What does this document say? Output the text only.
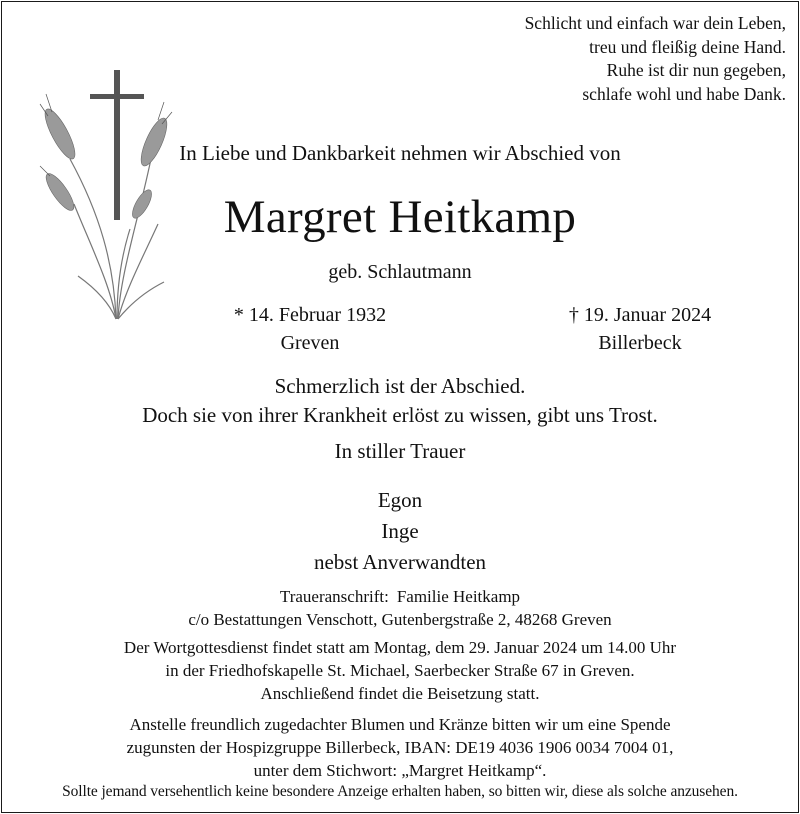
Schlicht und einfach war dein Leben,
treu und fleißig deine Hand.
Ruhe ist dir nun gegeben,
schlafe wohl und habe Dank.
In Liebe und Dankbarkeit nehmen wir Abschied von
Margret Heitkamp
geb. Schlautmann
* 14. Februar 1932
Greven
† 19. Januar 2024
Billerbeck
Schmerzlich ist der Abschied.
Doch sie von ihrer Krankheit erlöst zu wissen, gibt uns Trost.
In stiller Trauer
Egon
Inge
nebst Anverwandten
Traueranschrift: Familie Heitkamp
c/o Bestattungen Venschott, Gutenbergstraße 2, 48268 Greven
Der Wortgottesdienst findet statt am Montag, dem 29. Januar 2024 um 14.00 Uhr
in der Friedhofskapelle St. Michael, Saerbecker Straße 67 in Greven.
Anschließend findet die Beisetzung statt.
Anstelle freundlich zugedachter Blumen und Kränze bitten wir um eine Spende
zugunsten der Hospizgruppe Billerbeck, IBAN: DE19 4036 1906 0034 7004 01,
unter dem Stichwort: „Margret Heitkamp“.
Sollte jemand versehentlich keine besondere Anzeige erhalten haben, so bitten wir, diese als solche anzusehen.
